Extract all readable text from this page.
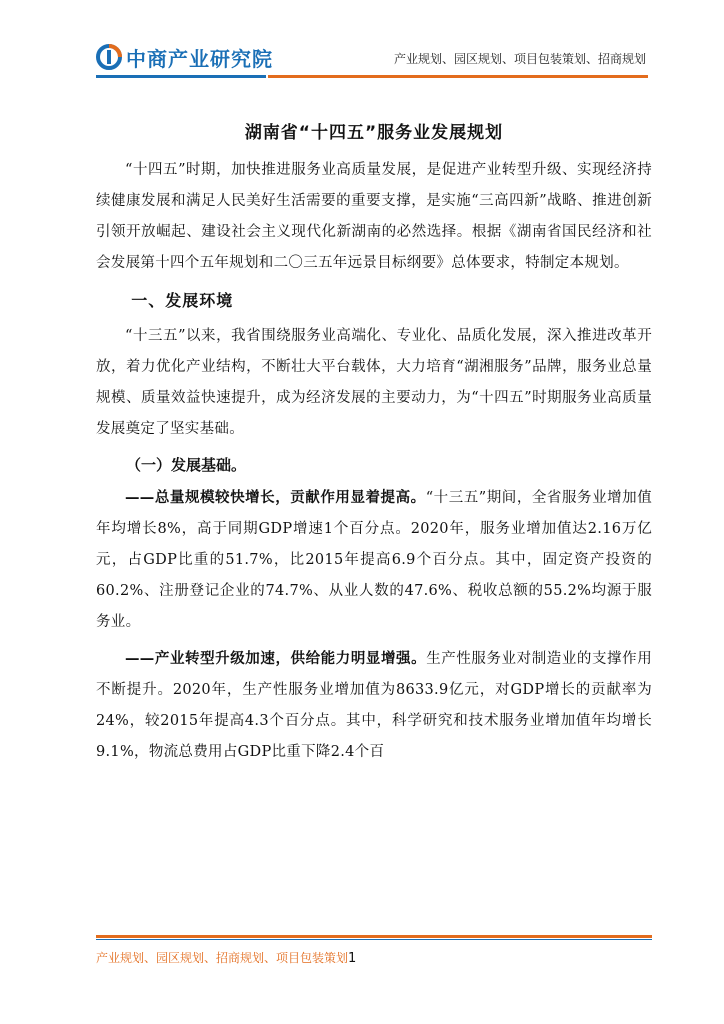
中商产业研究院	产业规划、园区规划、项目包装策划、招商规划
湖南省“十四五”服务业发展规划

“十四五”时期，加快推进服务业高质量发展，是促进产业转型升级、实现经济持续健康发展和满足人民美好生活需要的重要支撑，是实施“三高四新”战略、推进创新引领开放崛起、建设社会主义现代化新湖南的必然选择。根据《湖南省国民经济和社会发展第十四个五年规划和二〇三五年远景目标纲要》总体要求，特制定本规划。

一、发展环境

“十三五”以来，我省围绕服务业高端化、专业化、品质化发展，深入推进改革开放，着力优化产业结构，不断壮大平台载体，大力培育“湖湘服务”品牌，服务业总量规模、质量效益快速提升，成为经济发展的主要动力，为“十四五”时期服务业高质量发展奠定了坚实基础。

（一）发展基础。

——总量规模较快增长，贡献作用显着提高。“十三五”期间，全省服务业增加值年均增长8%，高于同期GDP增速1个百分点。2020年，服务业增加值达2.16万亿元，占GDP比重的51.7%，比2015年提高6.9个百分点。其中，固定资产投资的60.2%、注册登记企业的74.7%、从业人数的47.6%、税收总额的55.2%均源于服务业。

——产业转型升级加速，供给能力明显增强。生产性服务业对制造业的支撑作用不断提升。2020年，生产性服务业增加值为8633.9亿元，对GDP增长的贡献率为24%，较2015年提高4.3个百分点。其中，科学研究和技术服务业增加值年均增长9.1%，物流总费用占GDP比重下降2.4个百

产业规划、园区规划、招商规划、项目包装策划1
